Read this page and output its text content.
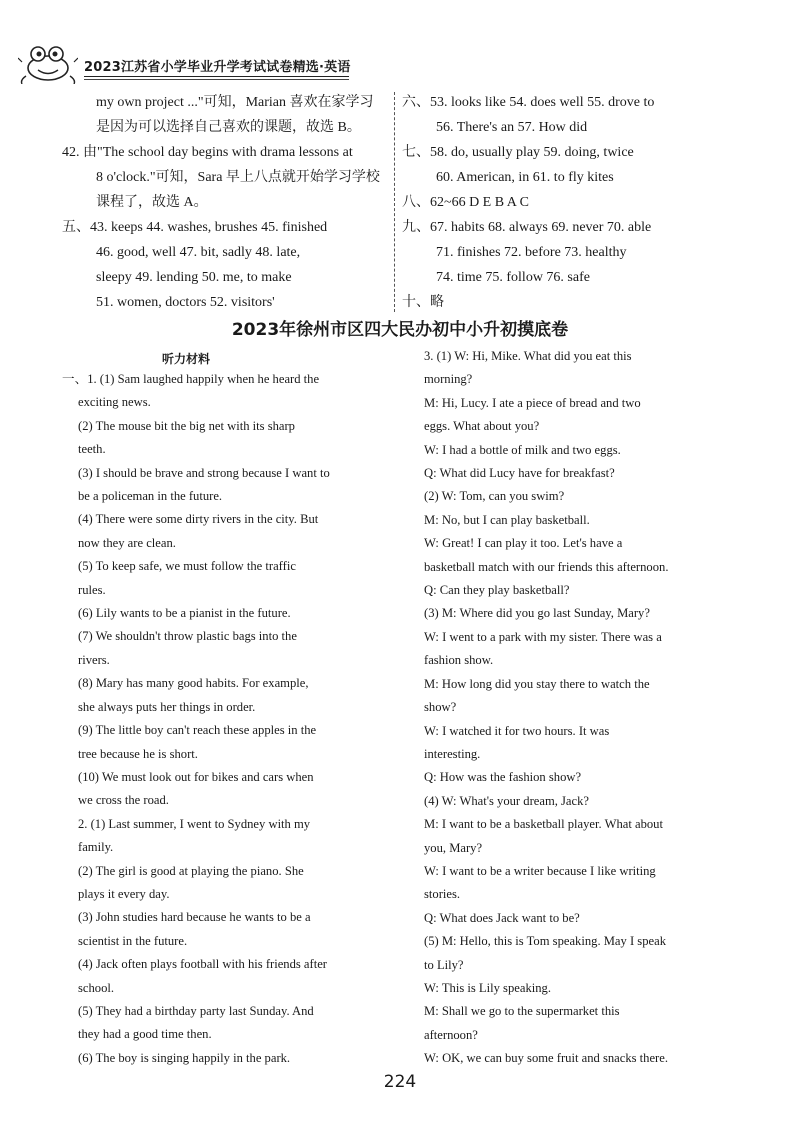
2023江苏省小学毕业升学考试试卷精选·英语
my own project ..."可知，Marian 喜欢在家学习
是因为可以选择自己喜欢的课题，故选 B。
42. 由"The school day begins with drama lessons at
8 o'clock."可知，Sara 早上八点就开始学习学校
课程了，故选 A。
五、43. keeps 44. washes, brushes 45. finished
46. good, well 47. bit, sadly 48. late,
sleepy 49. lending 50. me, to make
51. women, doctors 52. visitors'
六、53. looks like 54. does well 55. drove to
56. There's an 57. How did
七、58. do, usually play 59. doing, twice
60. American, in 61. to fly kites
八、62~66 D E B A C
九、67. habits 68. always 69. never 70. able
71. finishes 72. before 73. healthy
74. time 75. follow 76. safe
十、略
2023年徐州市区四大民办初中小升初摸底卷
听力材料

一、1. (1) Sam laughed happily when he heard the

exciting news.

(2) The mouse bit the big net with its sharp

teeth.

(3) I should be brave and strong because I want to

be a policeman in the future.

(4) There were some dirty rivers in the city. But

now they are clean.

(5) To keep safe, we must follow the traffic

rules.

(6) Lily wants to be a pianist in the future.

(7) We shouldn't throw plastic bags into the

rivers.

(8) Mary has many good habits. For example,

she always puts her things in order.

(9) The little boy can't reach these apples in the

tree because he is short.

(10) We must look out for bikes and cars when

we cross the road.

2. (1) Last summer, I went to Sydney with my

family.

(2) The girl is good at playing the piano. She

plays it every day.

(3) John studies hard because he wants to be a

scientist in the future.

(4) Jack often plays football with his friends after

school.

(5) They had a birthday party last Sunday. And

they had a good time then.

(6) The boy is singing happily in the park.

3. (1) W: Hi, Mike. What did you eat this

morning?

M: Hi, Lucy. I ate a piece of bread and two

eggs. What about you?

W: I had a bottle of milk and two eggs.

Q: What did Lucy have for breakfast?

(2) W: Tom, can you swim?

M: No, but I can play basketball.

W: Great! I can play it too. Let's have a

basketball match with our friends this afternoon.

Q: Can they play basketball?

(3) M: Where did you go last Sunday, Mary?

W: I went to a park with my sister. There was a

fashion show.

M: How long did you stay there to watch the

show?

W: I watched it for two hours. It was

interesting.

Q: How was the fashion show?

(4) W: What's your dream, Jack?

M: I want to be a basketball player. What about

you, Mary?

W: I want to be a writer because I like writing

stories.

Q: What does Jack want to be?

(5) M: Hello, this is Tom speaking. May I speak

to Lily?

W: This is Lily speaking.

M: Shall we go to the supermarket this

afternoon?

W: OK, we can buy some fruit and snacks there.

224
